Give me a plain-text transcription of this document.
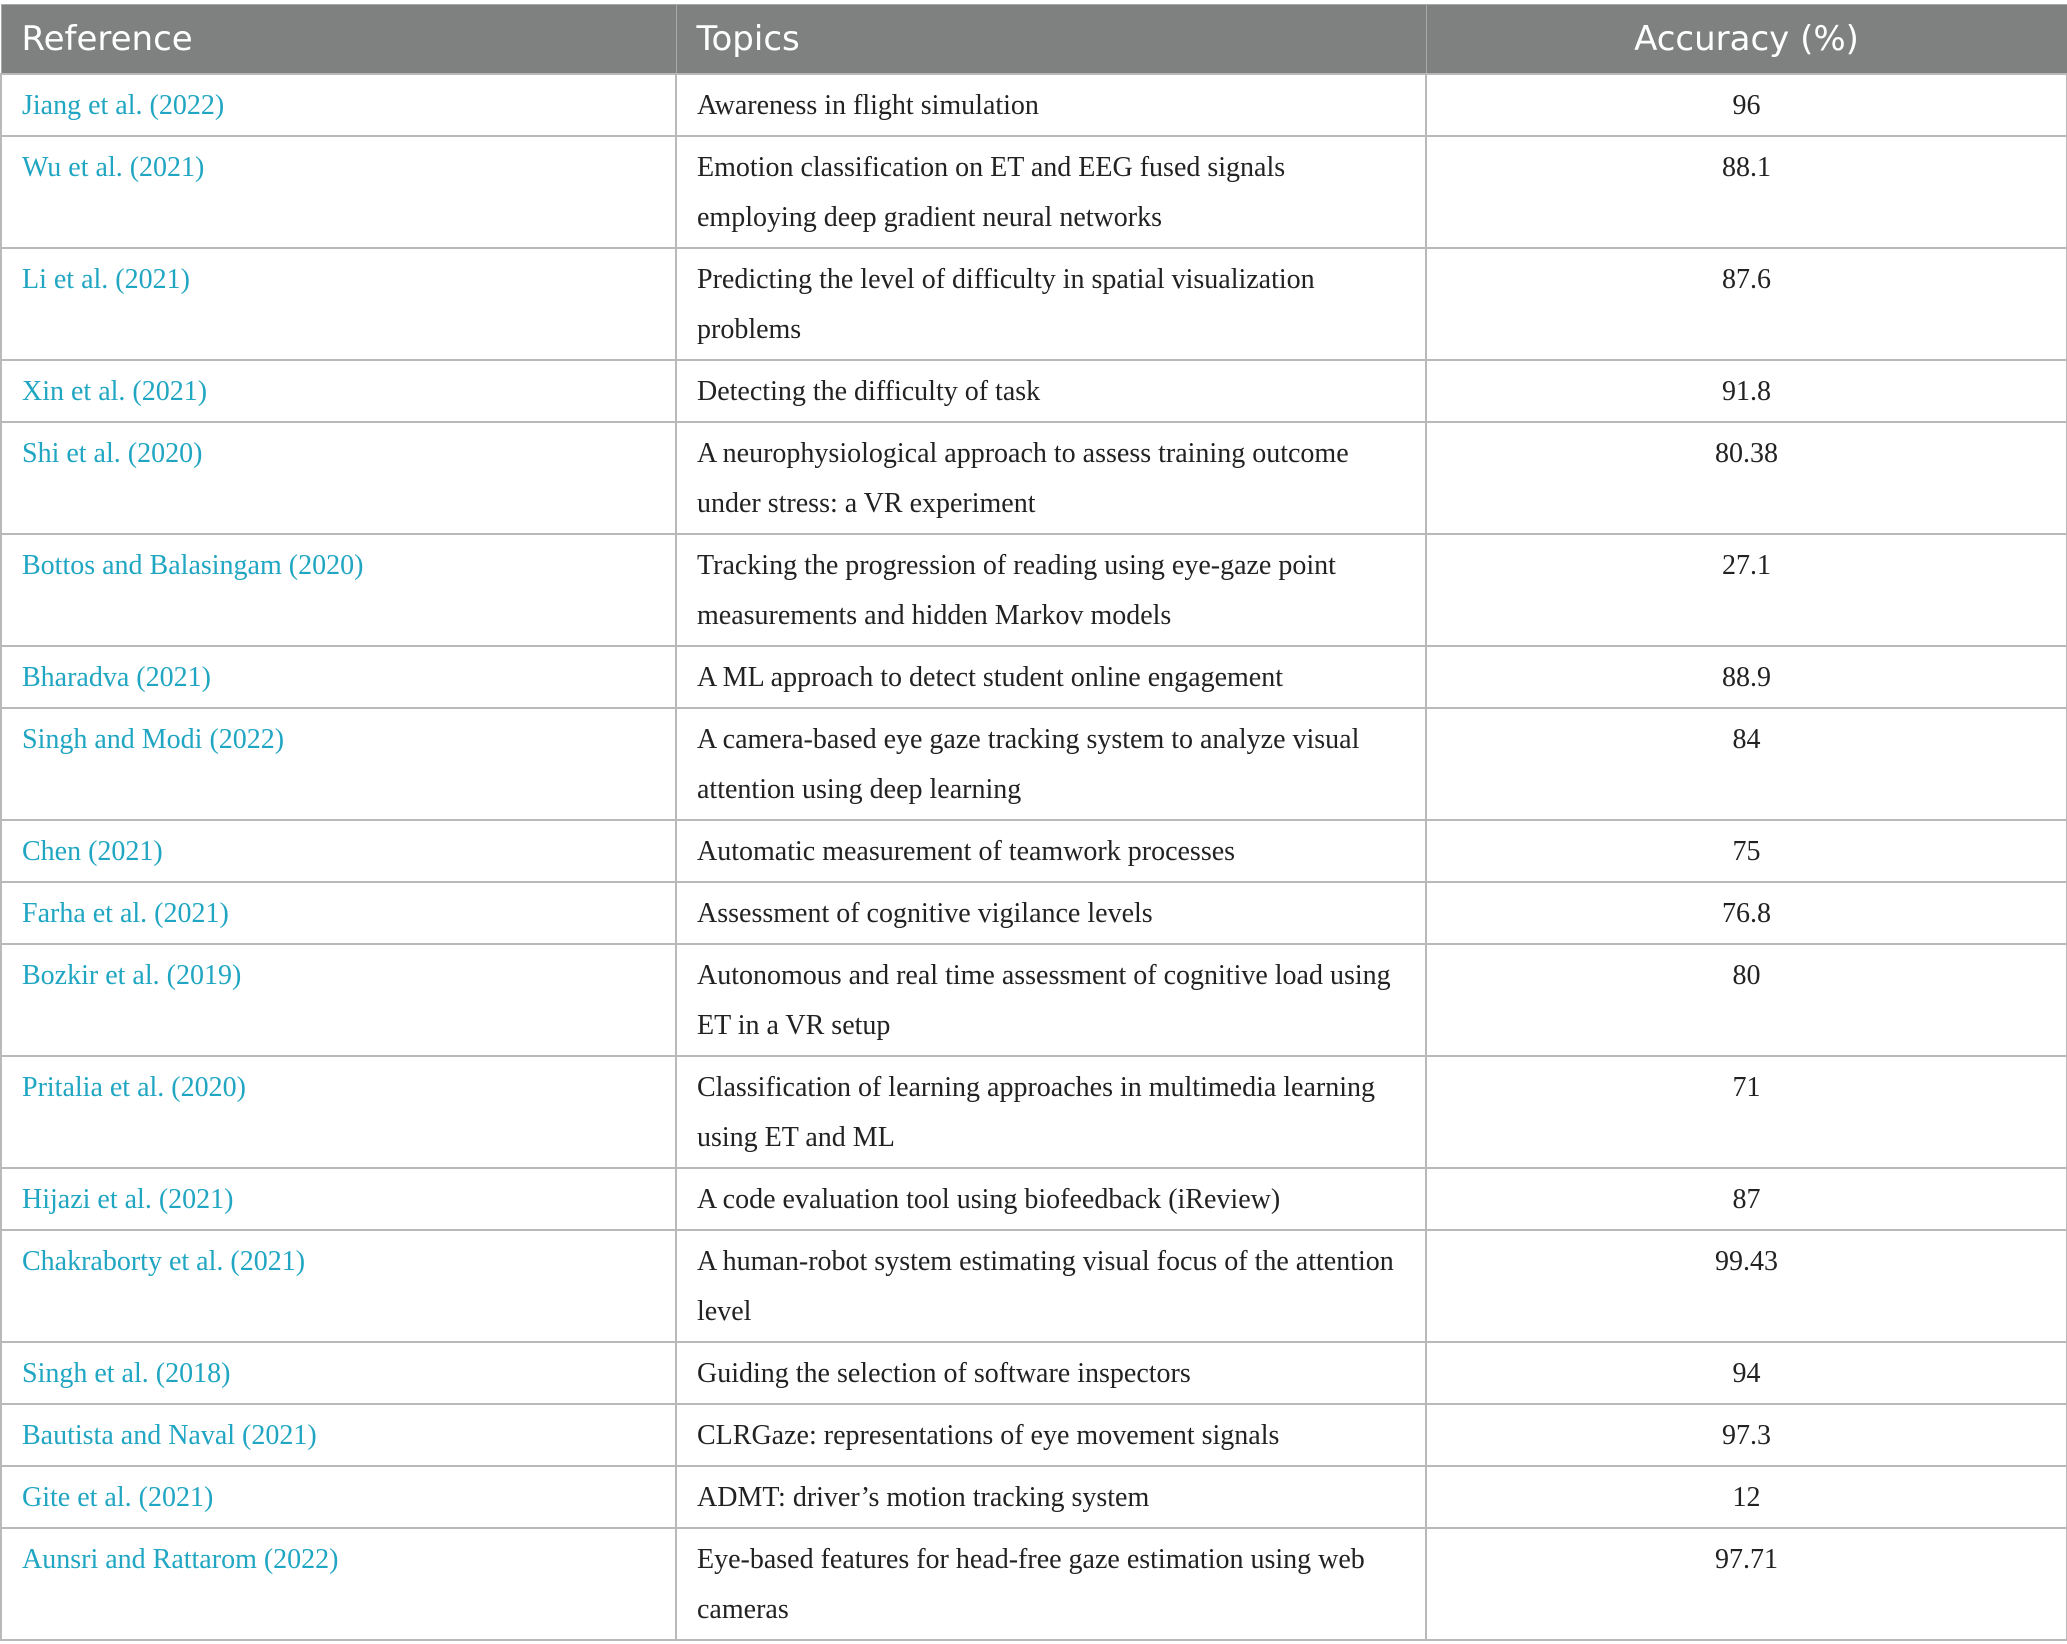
Reference	Topics	Accuracy (%)
Jiang et al. (2022)	Awareness in flight simulation	96
Wu et al. (2021)	Emotion classification on ET and EEG fused signals employing deep gradient neural networks	88.1
Li et al. (2021)	Predicting the level of difficulty in spatial visualization problems	87.6
Xin et al. (2021)	Detecting the difficulty of task	91.8
Shi et al. (2020)	A neurophysiological approach to assess training outcome under stress: a VR experiment	80.38
Bottos and Balasingam (2020)	Tracking the progression of reading using eye-gaze point measurements and hidden Markov models	27.1
Bharadva (2021)	A ML approach to detect student online engagement	88.9
Singh and Modi (2022)	A camera-based eye gaze tracking system to analyze visual attention using deep learning	84
Chen (2021)	Automatic measurement of teamwork processes	75
Farha et al. (2021)	Assessment of cognitive vigilance levels	76.8
Bozkir et al. (2019)	Autonomous and real time assessment of cognitive load using ET in a VR setup	80
Pritalia et al. (2020)	Classification of learning approaches in multimedia learning using ET and ML	71
Hijazi et al. (2021)	A code evaluation tool using biofeedback (iReview)	87
Chakraborty et al. (2021)	A human-robot system estimating visual focus of the attention level	99.43
Singh et al. (2018)	Guiding the selection of software inspectors	94
Bautista and Naval (2021)	CLRGaze: representations of eye movement signals	97.3
Gite et al. (2021)	ADMT: driver’s motion tracking system	12
Aunsri and Rattarom (2022)	Eye-based features for head-free gaze estimation using web cameras	97.71
